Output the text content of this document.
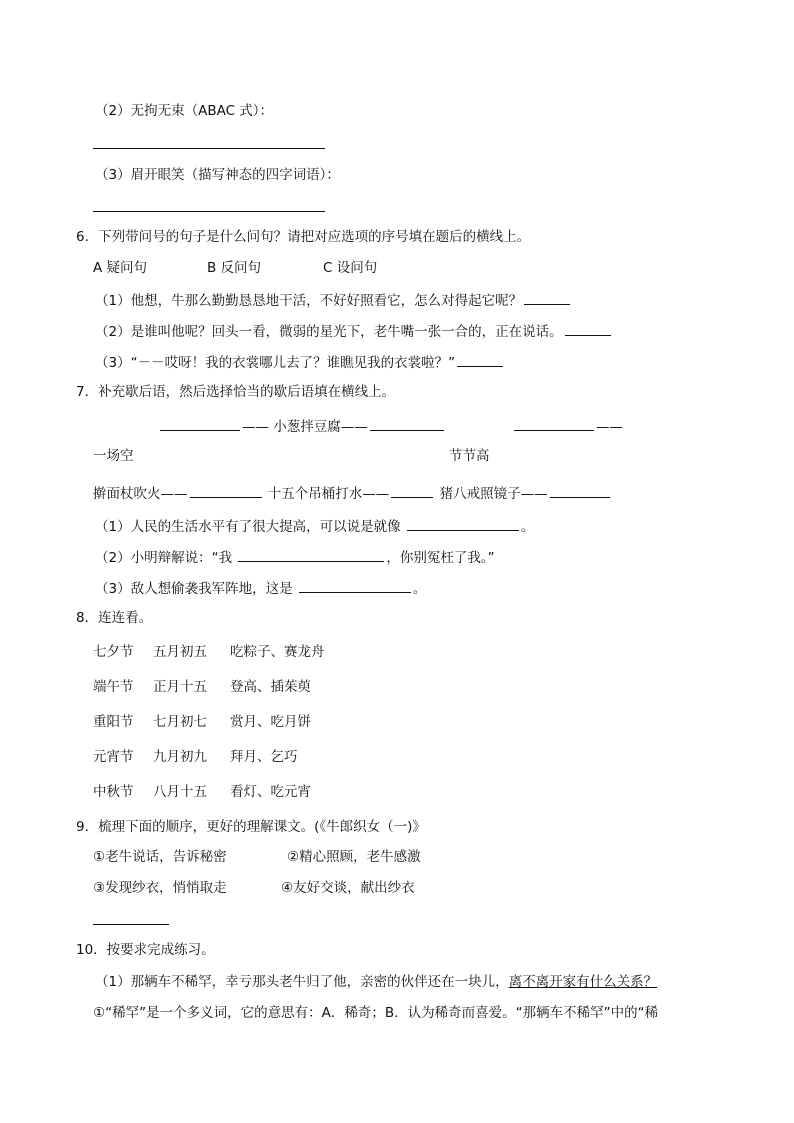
（2）无拘无束（ABAC 式）：
（3）眉开眼笑（描写神态的四字词语）：
6．下列带问号的句子是什么问句？请把对应选项的序号填在题后的横线上。
A 疑问句	B 反问句	C 设问句
（1）他想，牛那么勤勤恳恳地干活，不好好照看它，怎么对得起它呢？
（2）是谁叫他呢？回头一看，微弱的星光下，老牛嘴一张一合的，正在说话。
（3）“－－哎呀！我的衣裳哪儿去了？谁瞧见我的衣裳啦？”
7．补充歇后语，然后选择恰当的歇后语填在横线上。
—— 小葱拌豆腐——	——
一场空	节节高
擀面杖吹火——	十五个吊桶打水——	猪八戒照镜子——
（1）人民的生活水平有了很大提高，可以说是就像	。
（2）小明辩解说：“我	，你别冤枉了我。”
（3）敌人想偷袭我军阵地，这是	。
8．连连看。
七夕节 五月初五 吃粽子、赛龙舟
端午节 正月十五 登高、插茱萸
重阳节 七月初七 赏月、吃月饼
元宵节 九月初九 拜月、乞巧
中秋节 八月十五 看灯、吃元宵
9．梳理下面的顺序，更好的理解课文。(《牛郎织女（一)》
①老牛说话，告诉秘密	②精心照顾，老牛感激
③发现纱衣，悄悄取走	④友好交谈，献出纱衣
10．按要求完成练习。
（1）那辆车不稀罕，幸亏那头老牛归了他，亲密的伙伴还在一块儿，离不离开家有什么关系？
①“稀罕”是一个多义词，它的意思有：A．稀奇；B．认为稀奇而喜爱。“那辆车不稀罕”中的“稀
